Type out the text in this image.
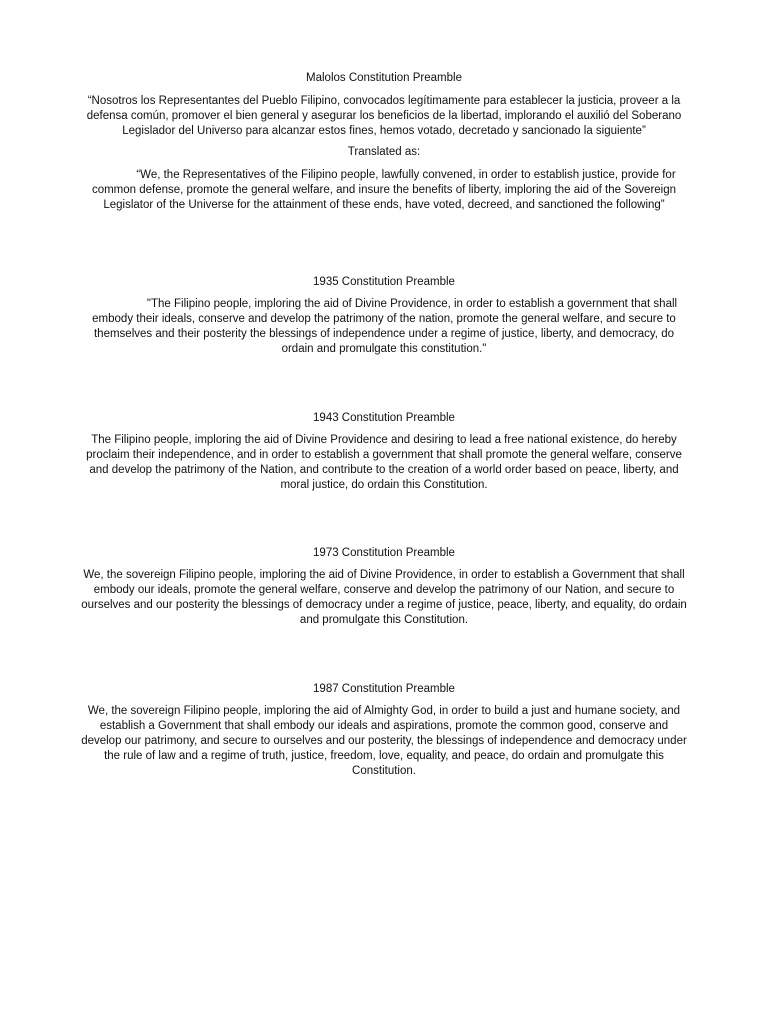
Malolos Constitution Preamble

“Nosotros los Representantes del Pueblo Filipino, convocados legítimamente para establecer la justicia, proveer a la defensa común, promover el bien general y asegurar los beneficios de la libertad, implorando el auxilió del Soberano Legislador del Universo para alcanzar estos fines, hemos votado, decretado y sancionado la siguiente”

Translated as:

“We, the Representatives of the Filipino people, lawfully convened, in order to establish justice, provide for common defense, promote the general welfare, and insure the benefits of liberty, imploring the aid of the Sovereign Legislator of the Universe for the attainment of these ends, have voted, decreed, and sanctioned the following”

1935 Constitution Preamble

"The Filipino people, imploring the aid of Divine Providence, in order to establish a government that shall embody their ideals, conserve and develop the patrimony of the nation, promote the general welfare, and secure to themselves and their posterity the blessings of independence under a regime of justice, liberty, and democracy, do ordain and promulgate this constitution."

1943 Constitution Preamble

The Filipino people, imploring the aid of Divine Providence and desiring to lead a free national existence, do hereby proclaim their independence, and in order to establish a government that shall promote the general welfare, conserve and develop the patrimony of the Nation, and contribute to the creation of a world order based on peace, liberty, and moral justice, do ordain this Constitution.

1973 Constitution Preamble

We, the sovereign Filipino people, imploring the aid of Divine Providence, in order to establish a Government that shall embody our ideals, promote the general welfare, conserve and develop the patrimony of our Nation, and secure to ourselves and our posterity the blessings of democracy under a regime of justice, peace, liberty, and equality, do ordain and promulgate this Constitution.

1987 Constitution Preamble

We, the sovereign Filipino people, imploring the aid of Almighty God, in order to build a just and humane society, and establish a Government that shall embody our ideals and aspirations, promote the common good, conserve and develop our patrimony, and secure to ourselves and our posterity, the blessings of independence and democracy under the rule of law and a regime of truth, justice, freedom, love, equality, and peace, do ordain and promulgate this Constitution.
